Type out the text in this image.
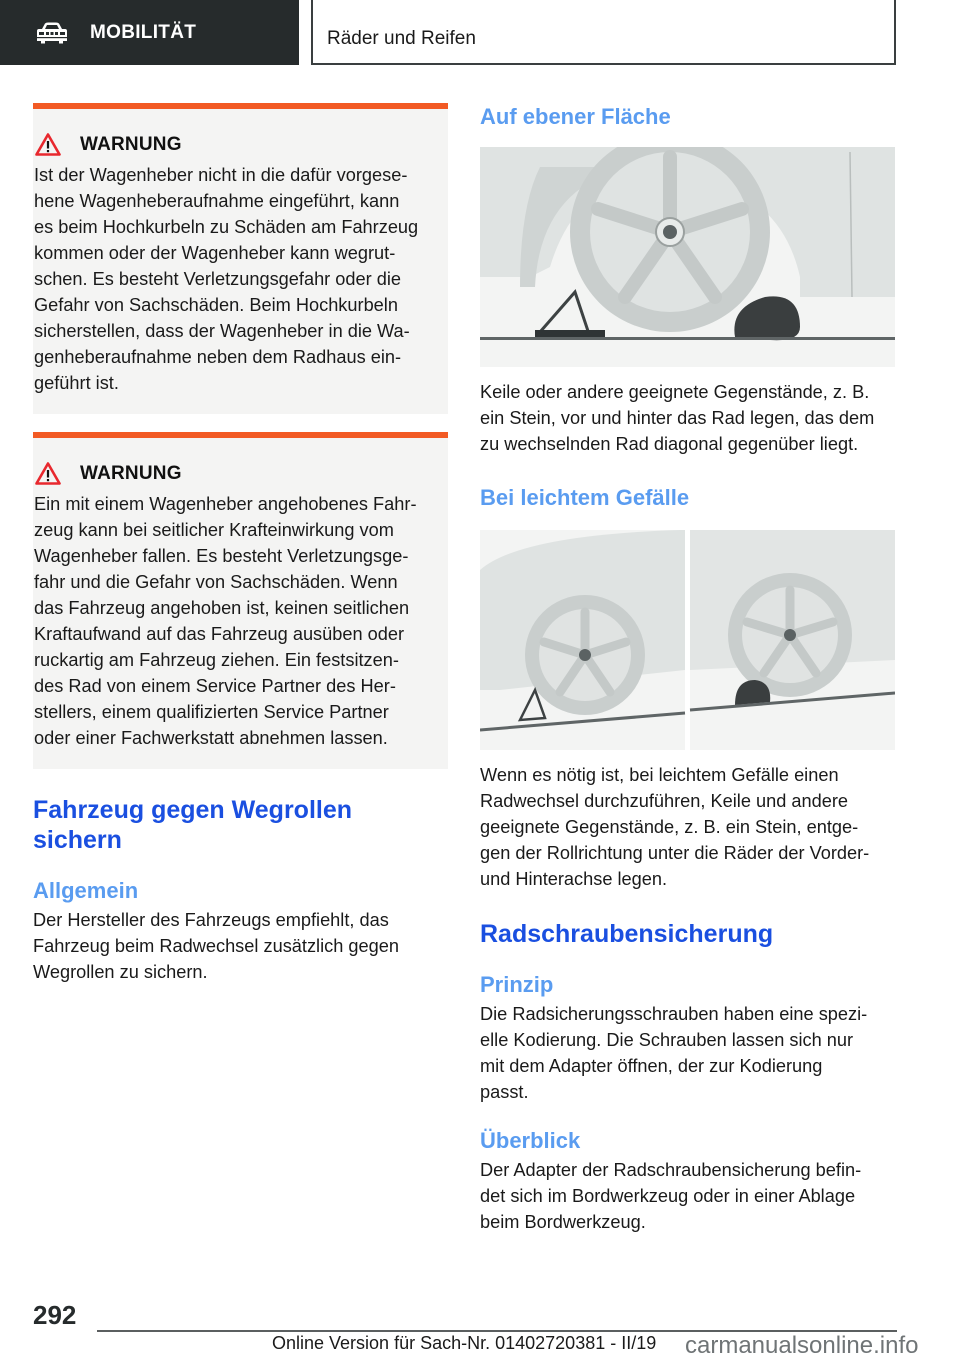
MOBILITÄT	Räder und Reifen
WARNUNG

Ist der Wagenheber nicht in die dafür vorgese-
hene Wagenheberaufnahme eingeführt, kann
es beim Hochkurbeln zu Schäden am Fahrzeug
kommen oder der Wagenheber kann wegrut-
schen. Es besteht Verletzungsgefahr oder die
Gefahr von Sachschäden. Beim Hochkurbeln
sicherstellen, dass der Wagenheber in die Wa-
genheberaufnahme neben dem Radhaus ein-
geführt ist.

WARNUNG

Ein mit einem Wagenheber angehobenes Fahr-
zeug kann bei seitlicher Krafteinwirkung vom
Wagenheber fallen. Es besteht Verletzungsge-
fahr und die Gefahr von Sachschäden. Wenn
das Fahrzeug angehoben ist, keinen seitlichen
Kraftaufwand auf das Fahrzeug ausüben oder
ruckartig am Fahrzeug ziehen. Ein festsitzen-
des Rad von einem Service Partner des Her-
stellers, einem qualifizierten Service Partner
oder einer Fachwerkstatt abnehmen lassen.

Fahrzeug gegen Wegrollen
sichern
Allgemein

Der Hersteller des Fahrzeugs empfiehlt, das
Fahrzeug beim Radwechsel zusätzlich gegen
Wegrollen zu sichern.

Auf ebener Fläche

Keile oder andere geeignete Gegenstände, z. B.
ein Stein, vor und hinter das Rad legen, das dem
zu wechselnden Rad diagonal gegenüber liegt.

Bei leichtem Gefälle

Wenn es nötig ist, bei leichtem Gefälle einen
Radwechsel durchzuführen, Keile und andere
geeignete Gegenstände, z. B. ein Stein, entge-
gen der Rollrichtung unter die Räder der Vorder-
und Hinterachse legen.

Radschraubensicherung
Prinzip

Die Radsicherungsschrauben haben eine spezi-
elle Kodierung. Die Schrauben lassen sich nur
mit dem Adapter öffnen, der zur Kodierung
passt.

Überblick

Der Adapter der Radschraubensicherung befin-
det sich im Bordwerkzeug oder in einer Ablage
beim Bordwerkzeug.

292
Online Version für Sach-Nr. 01402720381 - II/19 carmanualsonline.info
